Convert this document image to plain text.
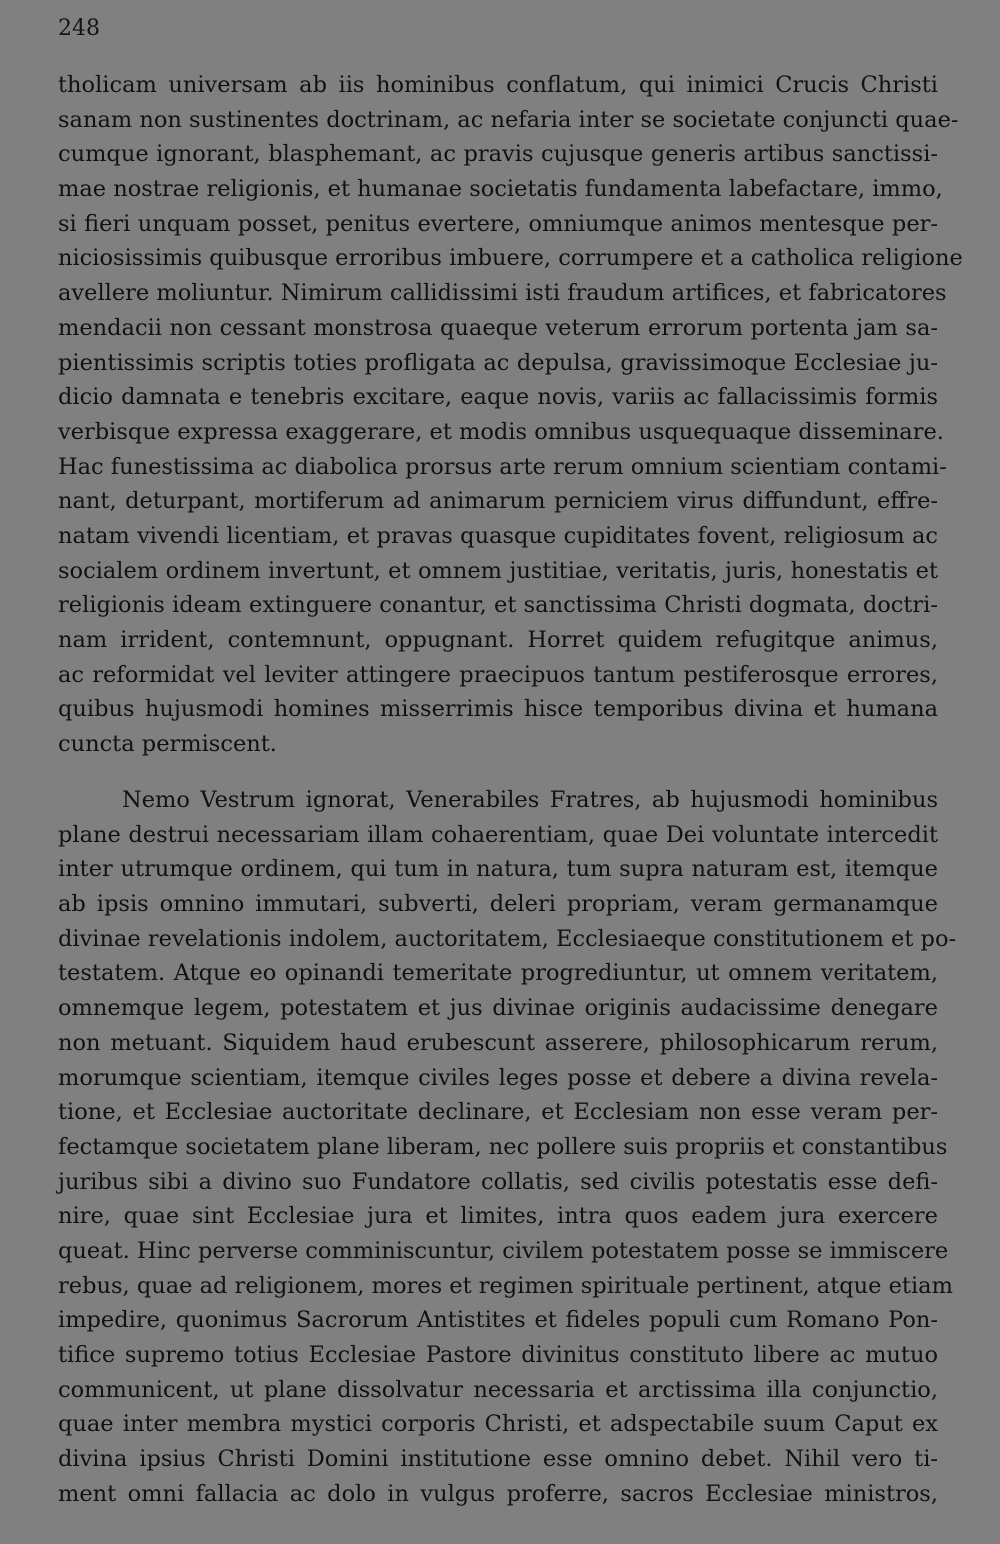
248
tholicam universam ab iis hominibus conflatum, qui inimici Crucis Christi
sanam non sustinentes doctrinam, ac nefaria inter se societate conjuncti quae-
cumque ignorant, blasphemant, ac pravis cujusque generis artibus sanctissi-
mae nostrae religionis, et humanae societatis fundamenta labefactare, immo,
si fieri unquam posset, penitus evertere, omniumque animos mentesque per-
niciosissimis quibusque erroribus imbuere, corrumpere et a catholica religione
avellere moliuntur. Nimirum callidissimi isti fraudum artifices, et fabricatores
mendacii non cessant monstrosa quaeque veterum errorum portenta jam sa-
pientissimis scriptis toties profligata ac depulsa, gravissimoque Ecclesiae ju-
dicio damnata e tenebris excitare, eaque novis, variis ac fallacissimis formis
verbisque expressa exaggerare, et modis omnibus usquequaque disseminare.
Hac funestissima ac diabolica prorsus arte rerum omnium scientiam contami-
nant, deturpant, mortiferum ad animarum perniciem virus diffundunt, effre-
natam vivendi licentiam, et pravas quasque cupiditates fovent, religiosum ac
socialem ordinem invertunt, et omnem justitiae, veritatis, juris, honestatis et
religionis ideam extinguere conantur, et sanctissima Christi dogmata, doctri-
nam irrident, contemnunt, oppugnant. Horret quidem refugitque animus,
ac reformidat vel leviter attingere praecipuos tantum pestiferosque errores,
quibus hujusmodi homines misserrimis hisce temporibus divina et humana
cuncta permiscent.
Nemo Vestrum ignorat, Venerabiles Fratres, ab hujusmodi hominibus
plane destrui necessariam illam cohaerentiam, quae Dei voluntate intercedit
inter utrumque ordinem, qui tum in natura, tum supra naturam est, itemque
ab ipsis omnino immutari, subverti, deleri propriam, veram germanamque
divinae revelationis indolem, auctoritatem, Ecclesiaeque constitutionem et po-
testatem. Atque eo opinandi temeritate progrediuntur, ut omnem veritatem,
omnemque legem, potestatem et jus divinae originis audacissime denegare
non metuant. Siquidem haud erubescunt asserere, philosophicarum rerum,
morumque scientiam, itemque civiles leges posse et debere a divina revela-
tione, et Ecclesiae auctoritate declinare, et Ecclesiam non esse veram per-
fectamque societatem plane liberam, nec pollere suis propriis et constantibus
juribus sibi a divino suo Fundatore collatis, sed civilis potestatis esse defi-
nire, quae sint Ecclesiae jura et limites, intra quos eadem jura exercere
queat. Hinc perverse comminiscuntur, civilem potestatem posse se immiscere
rebus, quae ad religionem, mores et regimen spirituale pertinent, atque etiam
impedire, quonimus Sacrorum Antistites et fideles populi cum Romano Pon-
tifice supremo totius Ecclesiae Pastore divinitus constituto libere ac mutuo
communicent, ut plane dissolvatur necessaria et arctissima illa conjunctio,
quae inter membra mystici corporis Christi, et adspectabile suum Caput ex
divina ipsius Christi Domini institutione esse omnino debet. Nihil vero ti-
ment omni fallacia ac dolo in vulgus proferre, sacros Ecclesiae ministros,
